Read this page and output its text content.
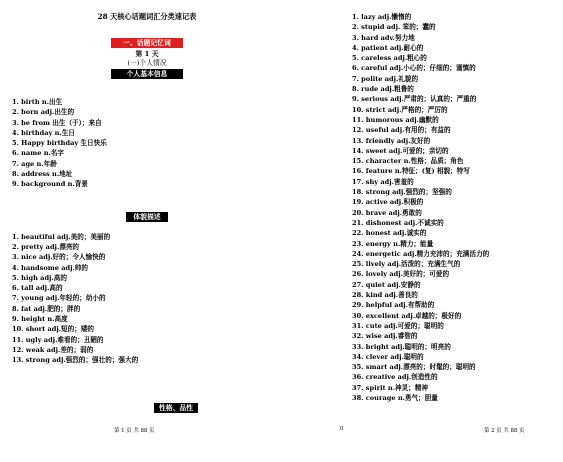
28 天核心话题词汇分类速记表
一、话题记忆词
第 1 天
(一)个人情况
个人基本信息
1. birth n.出生
2. born adj.出生的
3. be from 出生（于）；来自
4. birthday n.生日
5. Happy birthday 生日快乐
6. name n.名字
7. age n.年龄
8. address n.地址
9. background n.背景
体貌描述
1. beautiful adj.美的；美丽的
2. pretty adj.漂亮的
3. nice adj.好的；令人愉快的
4. handsome adj.帅的
5. high adj.高的
6. tall adj.高的
7. young adj.年轻的；幼小的
8. fat adj.肥的；胖的
9. height n.高度
10. short adj.短的；矮的
11. ugly adj.难看的；丑陋的
12. weak adj.差的；弱的
13. strong adj.强烈的；强壮的；强大的
性格、品性
1. lazy adj.懒惰的
2. stupid adj. 笨的；蠢的
3. hard adv.努力地
4. patient adj.耐心的
5. careless adj.粗心的
6. careful adj.小心的；仔细的；谨慎的
7. polite adj.礼貌的
8. rude adj.粗鲁的
9. serious adj.严肃的；认真的；严重的
10. strict adj.严格的；严厉的
11. humorous adj.幽默的
12. useful adj.有用的；有益的
13. friendly adj.友好的
14. sweet adj.可爱的；亲切的
15. character n.性格；品质；角色
16. feature n.特征；(复) 相貌；特写
17. shy adj.害羞的
18. strong adj.强烈的；坚强的
19. active adj.积极的
20. brave adj.勇敢的
21. dishonest adj.不诚实的
22. honest adj.诚实的
23. energy n.精力；能量
24. energetic adj.精力充沛的；充满活力的
25. lively adj.活泼的；充满生气的
26. lovely adj.美好的；可爱的
27. quiet adj.安静的
28. kind adj.善良的
29. helpful adj.有帮助的
30. excellent adj.卓越的；极好的
31. cute adj.可爱的；聪明的
32. wise adj.睿智的
33. bright adj.聪明的；明亮的
34. clever adj.聪明的
35. smart adj.漂亮的；时髦的；聪明的
36. creative adj.创造性的
37. spirit n.神灵；精神
38. courage n.勇气；胆量
第 1 页 共 88 页	0	第 2 页 共 88 页
